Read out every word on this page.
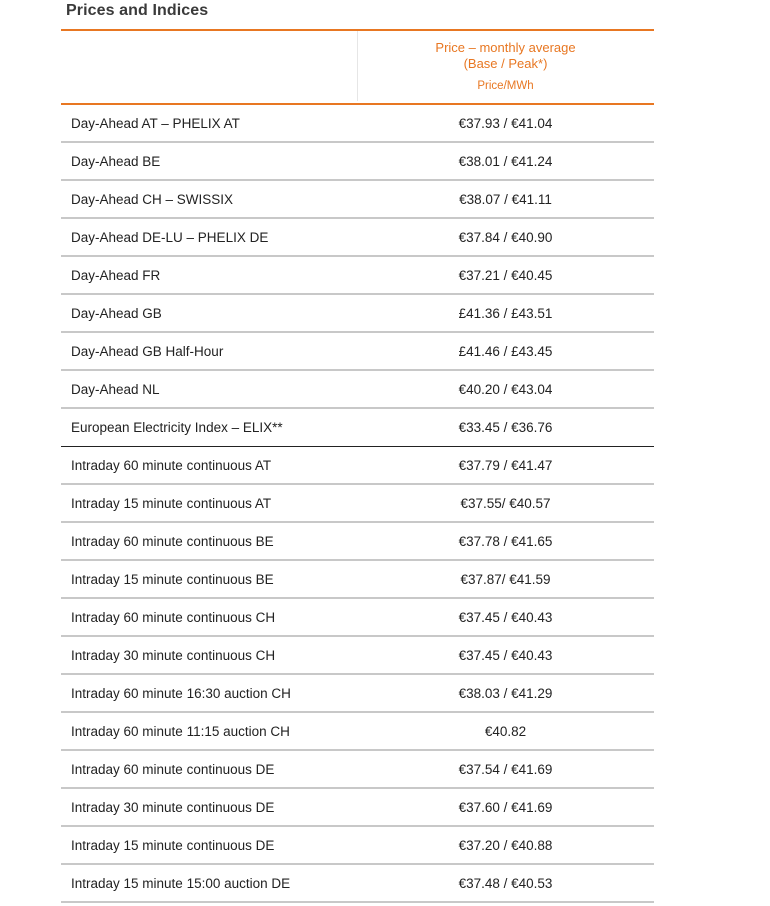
Prices and Indices
Price – monthly average
(Base / Peak*)
Price/MWh
Day-Ahead AT – PHELIX AT	€37.93 / €41.04
Day-Ahead BE	€38.01 / €41.24
Day-Ahead CH – SWISSIX	€38.07 / €41.11
Day-Ahead DE-LU – PHELIX DE	€37.84 / €40.90
Day-Ahead FR	€37.21 / €40.45
Day-Ahead GB	£41.36 / £43.51
Day-Ahead GB Half-Hour	£41.46 / £43.45
Day-Ahead NL	€40.20 / €43.04
European Electricity Index – ELIX**	€33.45 / €36.76
Intraday 60 minute continuous AT	€37.79 / €41.47
Intraday 15 minute continuous AT	€37.55/ €40.57
Intraday 60 minute continuous BE	€37.78 / €41.65
Intraday 15 minute continuous BE	€37.87/ €41.59
Intraday 60 minute continuous CH	€37.45 / €40.43
Intraday 30 minute continuous CH	€37.45 / €40.43
Intraday 60 minute 16:30 auction CH	€38.03 / €41.29
Intraday 60 minute 11:15 auction CH	€40.82
Intraday 60 minute continuous DE	€37.54 / €41.69
Intraday 30 minute continuous DE	€37.60 / €41.69
Intraday 15 minute continuous DE	€37.20 / €40.88
Intraday 15 minute 15:00 auction DE	€37.48 / €40.53
